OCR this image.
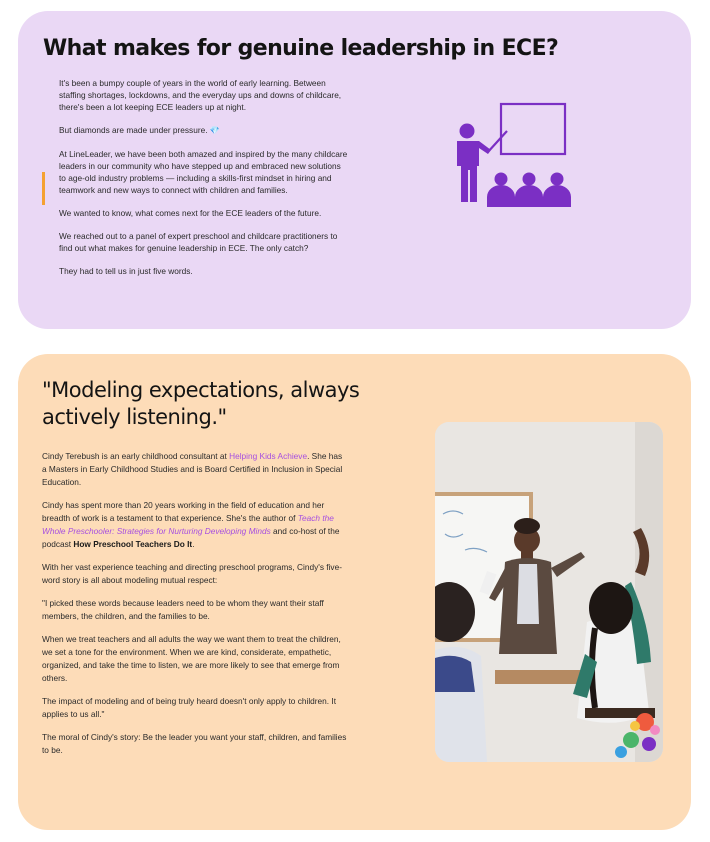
What makes for genuine leadership in ECE?

It's been a bumpy couple of years in the world of early learning. Between staffing shortages, lockdowns, and the everyday ups and downs of childcare, there's been a lot keeping ECE leaders up at night.

But diamonds are made under pressure. 💎

At LineLeader, we have been both amazed and inspired by the many childcare leaders in our community who have stepped up and embraced new solutions to age-old industry problems — including a skills-first mindset in hiring and teamwork and new ways to connect with children and families.

We wanted to know, what comes next for the ECE leaders of the future.

We reached out to a panel of expert preschool and childcare practitioners to find out what makes for genuine leadership in ECE. The only catch?

They had to tell us in just five words.

"Modeling expectations, always actively listening."

Cindy Terebush is an early childhood consultant at Helping Kids Achieve. She has a Masters in Early Childhood Studies and is Board Certified in Inclusion in Special Education.

Cindy has spent more than 20 years working in the field of education and her breadth of work is a testament to that experience. She's the author of Teach the Whole Preschooler: Strategies for Nurturing Developing Minds and co-host of the podcast How Preschool Teachers Do It.

With her vast experience teaching and directing preschool programs, Cindy's five-word story is all about modeling mutual respect:

"I picked these words because leaders need to be whom they want their staff members, the children, and the families to be.

When we treat teachers and all adults the way we want them to treat the children, we set a tone for the environment. When we are kind, considerate, empathetic, organized, and take the time to listen, we are more likely to see that emerge from others.

The impact of modeling and of being truly heard doesn't only apply to children. It applies to us all."

The moral of Cindy's story: Be the leader you want your staff, children, and families to be.
